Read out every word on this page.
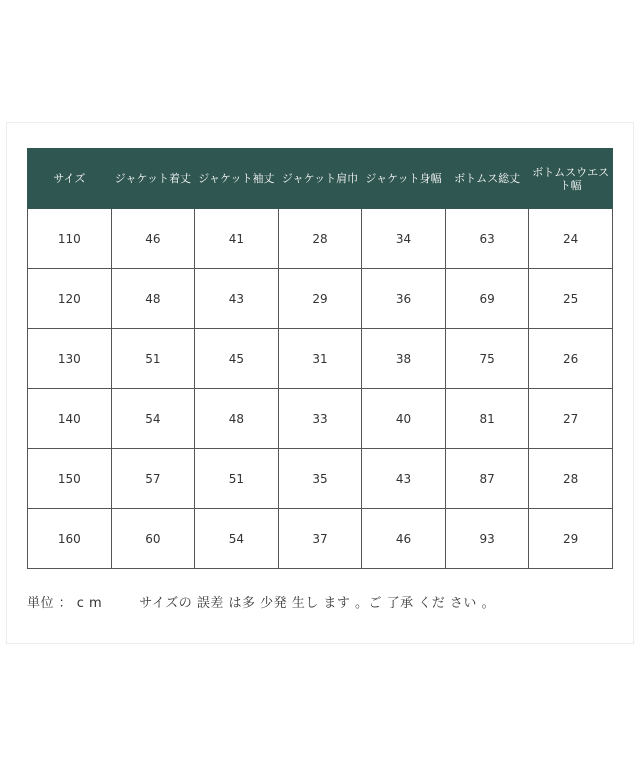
サイズ	ジャケット着丈	ジャケット袖丈	ジャケット肩巾	ジャケット身幅	ボトムス総丈	ボトムスウエスト幅
110	46	41	28	34	63	24
120	48	43	29	36	69	25
130	51	45	31	38	75	26
140	54	48	33	40	81	27
150	57	51	35	43	87	28
160	60	54	37	46	93	29
単位 ： c m	サイズの 誤差 は多 少発 生し ます 。ご 了承 くだ さい 。
